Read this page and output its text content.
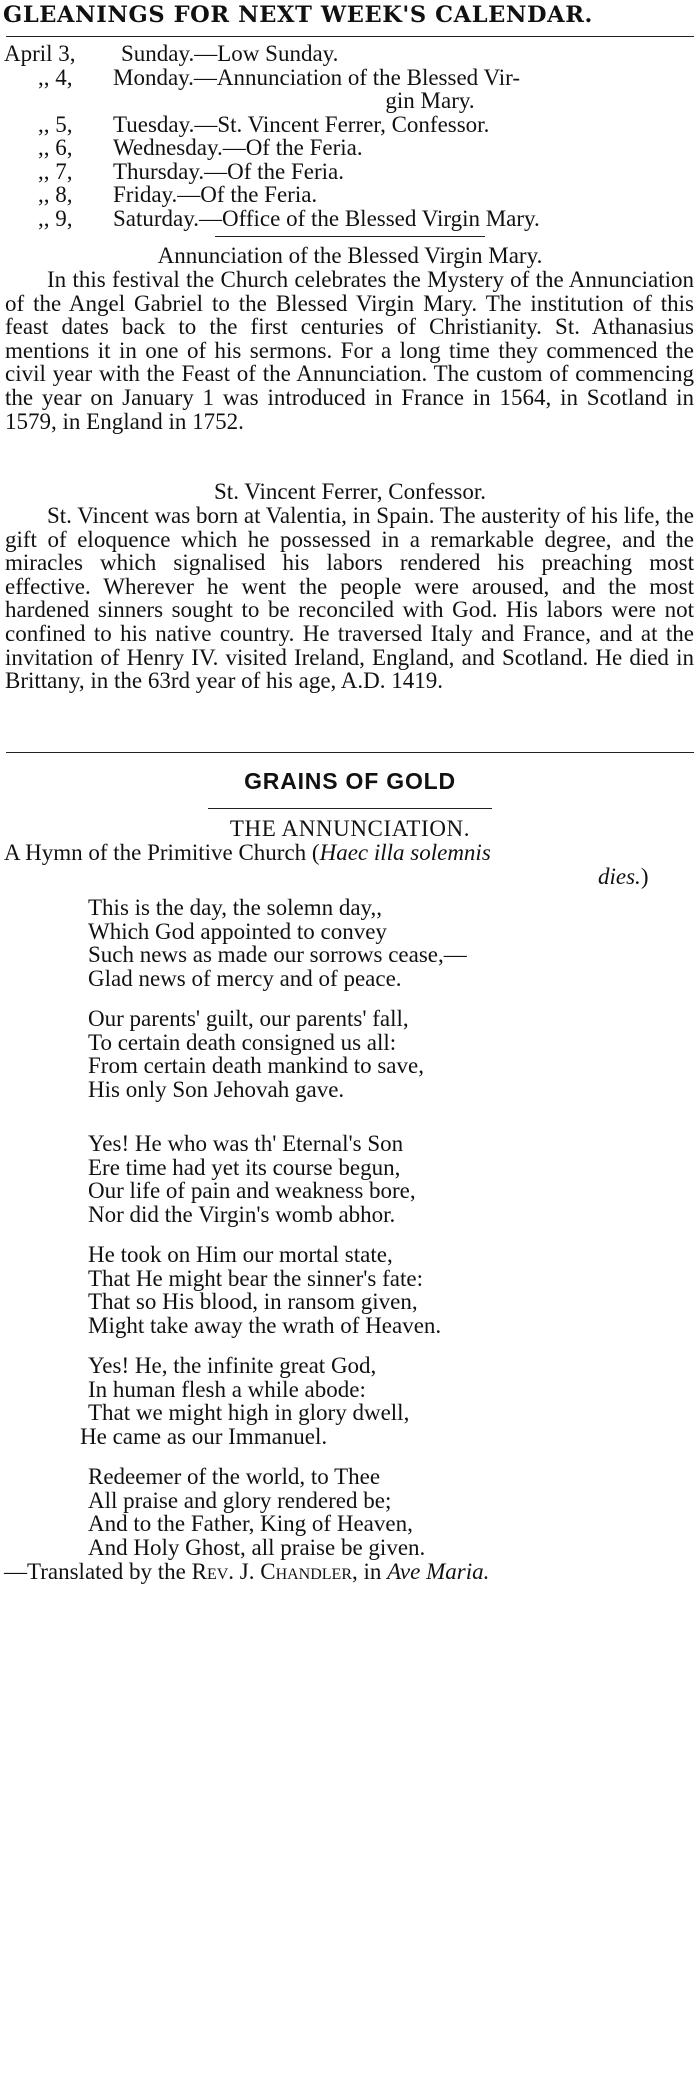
GLEANINGS FOR NEXT WEEK'S CALENDAR.
April 3, Sunday.—Low Sunday.
,, 4, Monday.—Annunciation of the Blessed Vir-
gin Mary.
,, 5, Tuesday.—St. Vincent Ferrer, Confessor.
,, 6, Wednesday.—Of the Feria.
,, 7, Thursday.—Of the Feria.
,, 8, Friday.—Of the Feria.
,, 9, Saturday.—Office of the Blessed Virgin Mary.
Annunciation of the Blessed Virgin Mary.
In this festival the Church celebrates the Mystery of the Annunciation of the Angel Gabriel to the Blessed Virgin Mary. The institution of this feast dates back to the first centuries of Christianity. St. Athanasius mentions it in one of his sermons. For a long time they commenced the civil year with the Feast of the Annunciation. The custom of commencing the year on January 1 was introduced in France in 1564, in Scotland in 1579, in England in 1752.
St. Vincent Ferrer, Confessor.
St. Vincent was born at Valentia, in Spain. The austerity of his life, the gift of eloquence which he possessed in a remarkable degree, and the miracles which signalised his labors rendered his preaching most effective. Wherever he went the people were aroused, and the most hardened sinners sought to be reconciled with God. His labors were not confined to his native country. He traversed Italy and France, and at the invitation of Henry IV. visited Ireland, England, and Scotland. He died in Brittany, in the 63rd year of his age, A.D. 1419.
GRAINS OF GOLD
THE ANNUNCIATION.
A Hymn of the Primitive Church (Haec illa solemnis
dies.)
This is the day, the solemn day,,
Which God appointed to convey
Such news as made our sorrows cease,—
Glad news of mercy and of peace.
Our parents' guilt, our parents' fall,
To certain death consigned us all:
From certain death mankind to save,
His only Son Jehovah gave.
Yes! He who was th' Eternal's Son
Ere time had yet its course begun,
Our life of pain and weakness bore,
Nor did the Virgin's womb abhor.
He took on Him our mortal state,
That He might bear the sinner's fate:
That so His blood, in ransom given,
Might take away the wrath of Heaven.
Yes! He, the infinite great God,
In human flesh a while abode:
That we might high in glory dwell,
He came as our Immanuel.
Redeemer of the world, to Thee
All praise and glory rendered be;
And to the Father, King of Heaven,
And Holy Ghost, all praise be given.
—Translated by the Rev. J. Chandler, in Ave Maria.
